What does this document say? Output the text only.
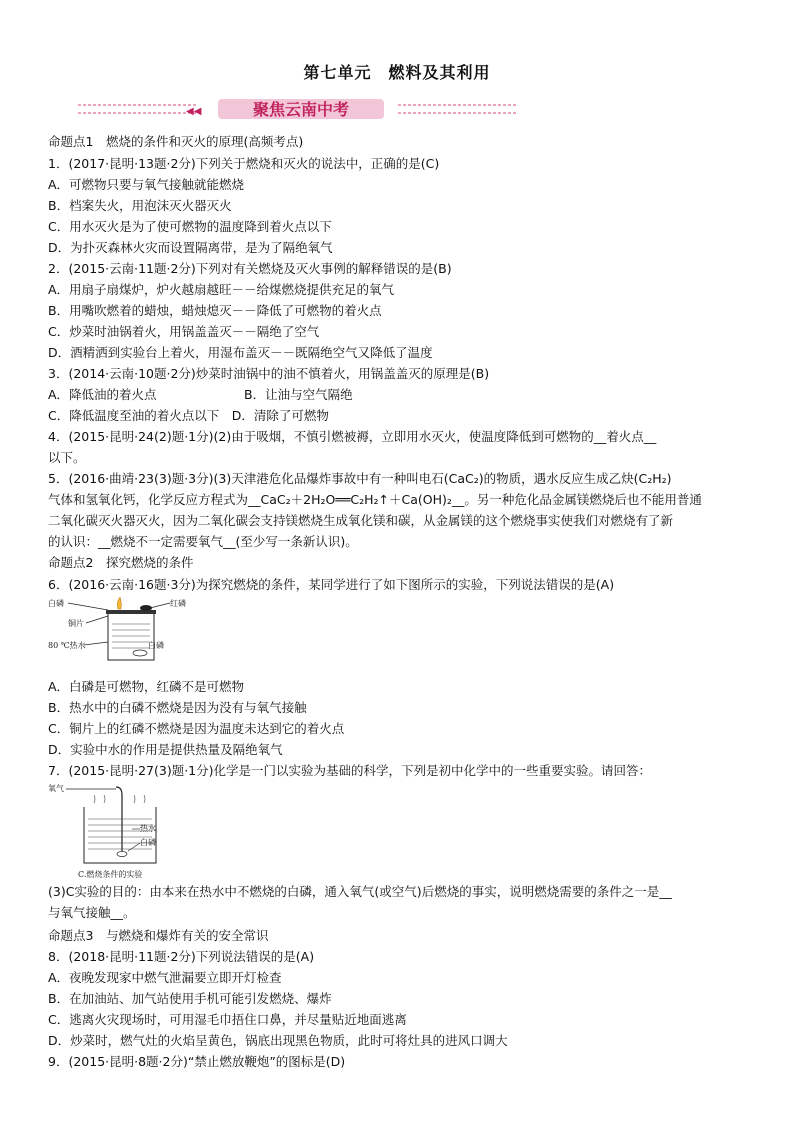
第七单元　燃料及其利用
◀◀	聚焦云南中考
命题点1　燃烧的条件和灭火的原理(高频考点)
1．(2017·昆明·13题·2分)下列关于燃烧和灭火的说法中，正确的是(C)
A．可燃物只要与氧气接触就能燃烧
B．档案失火，用泡沫灭火器灭火
C．用水灭火是为了使可燃物的温度降到着火点以下
D．为扑灭森林火灾而设置隔离带，是为了隔绝氧气
2．(2015·云南·11题·2分)下列对有关燃烧及灭火事例的解释错误的是(B)
A．用扇子扇煤炉，炉火越扇越旺－－给煤燃烧提供充足的氧气
B．用嘴吹燃着的蜡烛，蜡烛熄灭－－降低了可燃物的着火点
C．炒菜时油锅着火，用锅盖盖灭－－隔绝了空气
D．酒精洒到实验台上着火，用湿布盖灭－－既隔绝空气又降低了温度
3．(2014·云南·10题·2分)炒菜时油锅中的油不慎着火，用锅盖盖灭的原理是(B)
A．降低油的着火点　　　　　　　B．让油与空气隔绝
C．降低温度至油的着火点以下　D．清除了可燃物
4．(2015·昆明·24(2)题·1分)(2)由于吸烟，不慎引燃被褥，立即用水灭火，使温度降低到可燃物的__着火点__
以下。
5．(2016·曲靖·23(3)题·3分)(3)天津港危化品爆炸事故中有一种叫电石(CaC₂)的物质，遇水反应生成乙炔(C₂H₂)
气体和氢氧化钙，化学反应方程式为__CaC₂＋2H₂O══C₂H₂↑＋Ca(OH)₂__。另一种危化品金属镁燃烧后也不能用普通
二氧化碳灭火器灭火，因为二氧化碳会支持镁燃烧生成氧化镁和碳，从金属镁的这个燃烧事实使我们对燃烧有了新
的认识：__燃烧不一定需要氧气__(至少写一条新认识)。
命题点2　探究燃烧的条件
6．(2016·云南·16题·3分)为探究燃烧的条件，某同学进行了如下图所示的实验，下列说法错误的是(A)
A．白磷是可燃物，红磷不是可燃物
B．热水中的白磷不燃烧是因为没有与氧气接触
C．铜片上的红磷不燃烧是因为温度未达到它的着火点
D．实验中水的作用是提供热量及隔绝氧气
7．(2015·昆明·27(3)题·1分)化学是一门以实验为基础的科学，下列是初中化学中的一些重要实验。请回答：
(3)C实验的目的：由本来在热水中不燃烧的白磷，通入氧气(或空气)后燃烧的事实，说明燃烧需要的条件之一是__
与氧气接触__。
命题点3　与燃烧和爆炸有关的安全常识
8．(2018·昆明·11题·2分)下列说法错误的是(A)
A．夜晚发现家中燃气泄漏要立即开灯检查
B．在加油站、加气站使用手机可能引发燃烧、爆炸
C．逃离火灾现场时，可用湿毛巾捂住口鼻，并尽量贴近地面逃离
D．炒菜时，燃气灶的火焰呈黄色，锅底出现黑色物质，此时可将灶具的进风口调大
9．(2015·昆明·8题·2分)“禁止燃放鞭炮”的图标是(D)
白磷	红磷
铜片
80 ℃热水	白磷
氧气
热水
白磷
C.燃烧条件的实验
